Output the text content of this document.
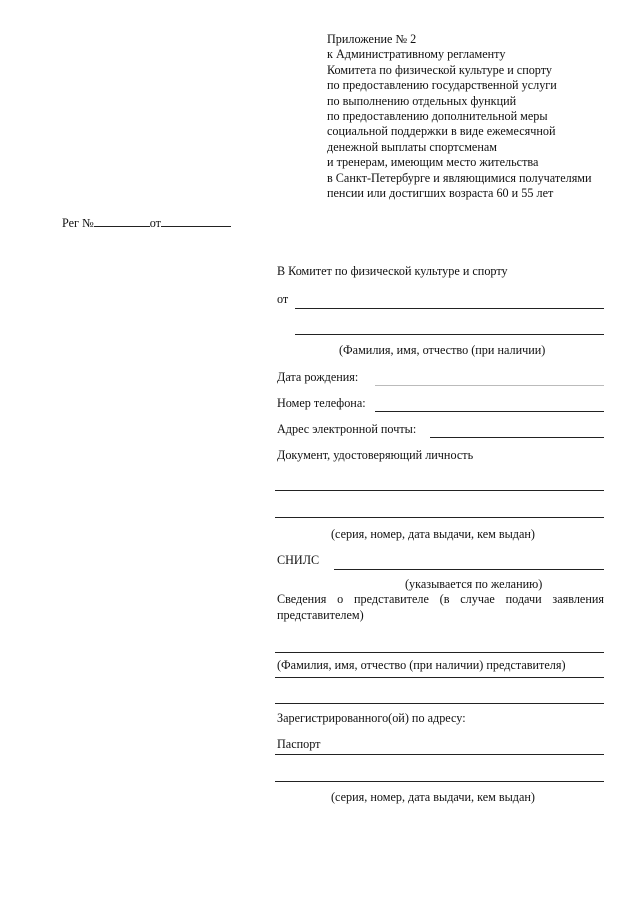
Приложение № 2
к Административному регламенту
Комитета по физической культуре и спорту
по предоставлению государственной услуги
по выполнению отдельных функций
по предоставлению дополнительной меры
социальной поддержки в виде ежемесячной
денежной выплаты спортсменам
и тренерам, имеющим место жительства
в Санкт-Петербурге и являющимися получателями
пенсии или достигших возраста 60 и 55 лет
Рег №	от
В Комитет по физической культуре и спорту
от
(Фамилия, имя, отчество (при наличии)
Дата рождения:
Номер телефона:
Адрес электронной почты:
Документ, удостоверяющий личность
(серия, номер, дата выдачи, кем выдан)
СНИЛС
(указывается по желанию)
Сведения о представителе (в случае подачи заявления представителем)
(Фамилия, имя, отчество (при наличии) представителя)
Зарегистрированного(ой) по адресу:
Паспорт
(серия, номер, дата выдачи, кем выдан)
